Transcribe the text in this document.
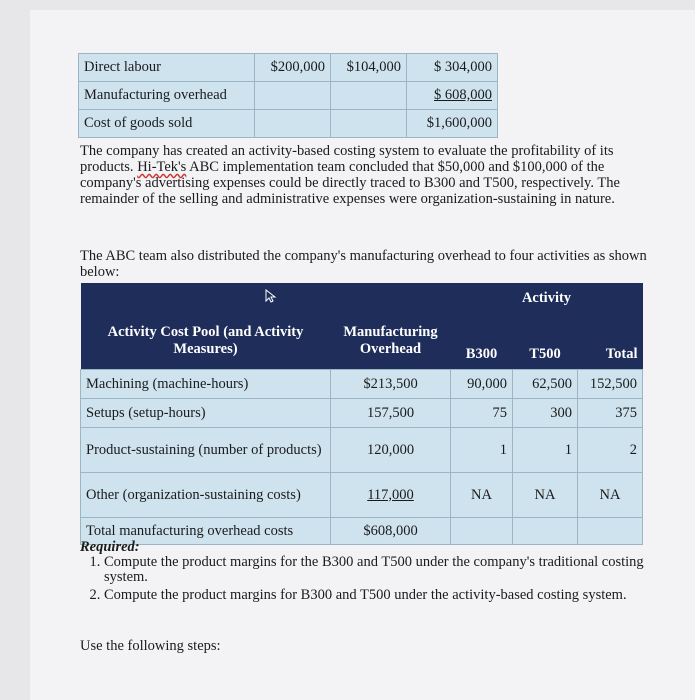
Direct labour	$200,000	$104,000	$ 304,000
Manufacturing overhead			$ 608,000
Cost of goods sold			$1,600,000

The company has created an activity-based costing system to evaluate the profitability of its products. Hi-Tek's ABC implementation team concluded that $50,000 and $100,000 of the company's advertising expenses could be directly traced to B300 and T500, respectively. The remainder of the selling and administrative expenses were organization-sustaining in nature.

The ABC team also distributed the company's manufacturing overhead to four activities as shown below:

		Activity		
Activity Cost Pool (and Activity Measures)	Manufacturing Overhead	B300	T500	Total
Machining (machine-hours)	$213,500	90,000	62,500	152,500
Setups (setup-hours)	157,500	75	300	375
Product-sustaining (number of products)	120,000	1	1	2
Other (organization-sustaining costs)	117,000	NA	NA	NA
Total manufacturing overhead costs	$608,000			
Required:
1. Compute the product margins for the B300 and T500 under the company's traditional costing system.
2. Compute the product margins for B300 and T500 under the activity-based costing system.
Use the following steps:
